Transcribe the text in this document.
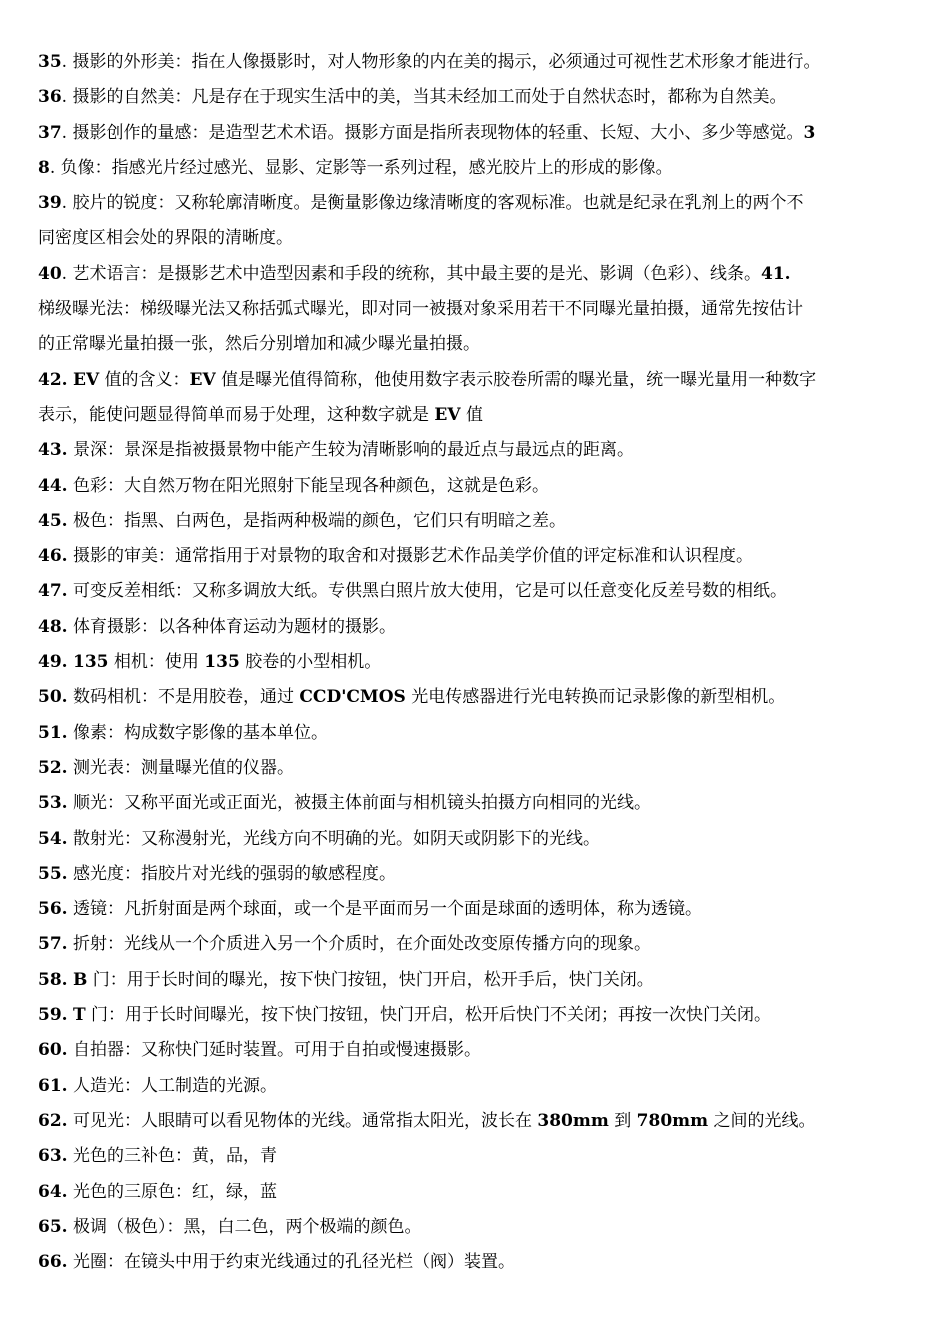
35. 摄影的外形美：指在人像摄影时，对人物形象的内在美的揭示，必须通过可视性艺术形象才能进行。
36. 摄影的自然美：凡是存在于现实生活中的美，当其未经加工而处于自然状态时，都称为自然美。
37. 摄影创作的量感：是造型艺术术语。摄影方面是指所表现物体的轻重、长短、大小、多少等感觉。3
8. 负像：指感光片经过感光、显影、定影等一系列过程，感光胶片上的形成的影像。
39. 胶片的锐度：又称轮廓清晰度。是衡量影像边缘清晰度的客观标准。也就是纪录在乳剂上的两个不
同密度区相会处的界限的清晰度。
40. 艺术语言：是摄影艺术中造型因素和手段的统称，其中最主要的是光、影调（色彩）、线条。41.
梯级曝光法：梯级曝光法又称括弧式曝光，即对同一被摄对象采用若干不同曝光量拍摄，通常先按估计
的正常曝光量拍摄一张，然后分别增加和减少曝光量拍摄。
42. EV 值的含义：EV 值是曝光值得简称，他使用数字表示胶卷所需的曝光量，统一曝光量用一种数字
表示，能使问题显得简单而易于处理，这种数字就是 EV 值
43. 景深：景深是指被摄景物中能产生较为清晰影响的最近点与最远点的距离。
44. 色彩：大自然万物在阳光照射下能呈现各种颜色，这就是色彩。
45. 极色：指黑、白两色，是指两种极端的颜色，它们只有明暗之差。
46. 摄影的审美：通常指用于对景物的取舍和对摄影艺术作品美学价值的评定标准和认识程度。
47. 可变反差相纸：又称多调放大纸。专供黑白照片放大使用，它是可以任意变化反差号数的相纸。
48. 体育摄影：以各种体育运动为题材的摄影。
49. 135 相机：使用 135 胶卷的小型相机。
50. 数码相机：不是用胶卷，通过 CCD'CMOS 光电传感器进行光电转换而记录影像的新型相机。
51. 像素：构成数字影像的基本单位。
52. 测光表：测量曝光值的仪器。
53. 顺光：又称平面光或正面光，被摄主体前面与相机镜头拍摄方向相同的光线。
54. 散射光：又称漫射光，光线方向不明确的光。如阴天或阴影下的光线。
55. 感光度：指胶片对光线的强弱的敏感程度。
56. 透镜：凡折射面是两个球面，或一个是平面而另一个面是球面的透明体，称为透镜。
57. 折射：光线从一个介质进入另一个介质时，在介面处改变原传播方向的现象。
58. B 门：用于长时间的曝光，按下快门按钮，快门开启，松开手后，快门关闭。
59. T 门：用于长时间曝光，按下快门按钮，快门开启，松开后快门不关闭；再按一次快门关闭。
60. 自拍器：又称快门延时装置。可用于自拍或慢速摄影。
61. 人造光：人工制造的光源。
62. 可见光：人眼睛可以看见物体的光线。通常指太阳光，波长在 380mm 到 780mm 之间的光线。
63. 光色的三补色：黄，品，青
64. 光色的三原色：红，绿，蓝
65. 极调（极色）：黑，白二色，两个极端的颜色。
66. 光圈：在镜头中用于约束光线通过的孔径光栏（阀）装置。
